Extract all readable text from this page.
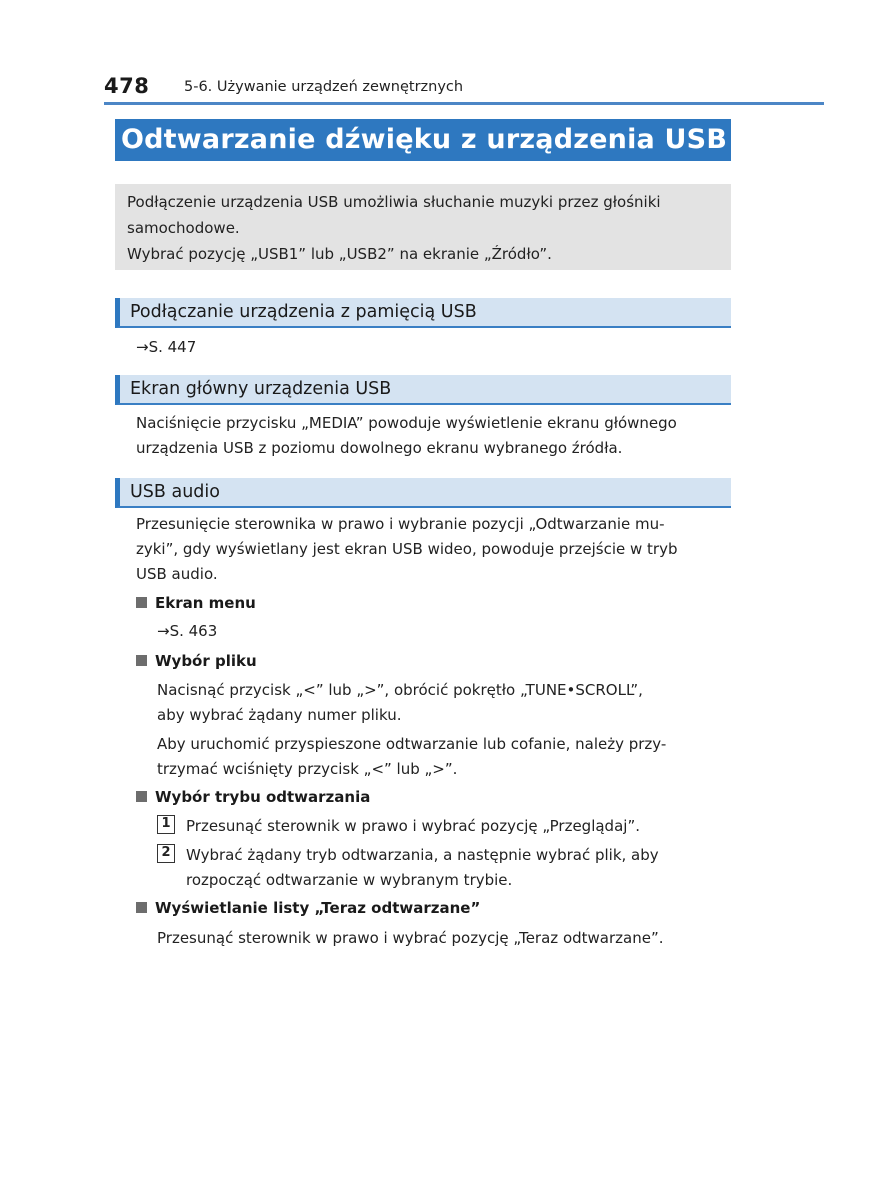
478 5-6. Używanie urządzeń zewnętrznych
Odtwarzanie dźwięku z urządzenia USB

Podłączenie urządzenia USB umożliwia słuchanie muzyki przez głośniki

samochodowe.

Wybrać pozycję „USB1” lub „USB2” na ekranie „Źródło”.

Podłączanie urządzenia z pamięcią USB

→S. 447

Ekran główny urządzenia USB

Naciśnięcie przycisku „MEDIA” powoduje wyświetlenie ekranu głównego

urządzenia USB z poziomu dowolnego ekranu wybranego źródła.

USB audio

Przesunięcie sterownika w prawo i wybranie pozycji „Odtwarzanie mu-

zyki”, gdy wyświetlany jest ekran USB wideo, powoduje przejście w tryb

USB audio.

Ekran menu

→S. 463

Wybór pliku

Nacisnąć przycisk „<” lub „>”, obrócić pokrętło „TUNE•SCROLL”,

aby wybrać żądany numer pliku.

Aby uruchomić przyspieszone odtwarzanie lub cofanie, należy przy-

trzymać wciśnięty przycisk „<” lub „>”.

Wybór trybu odtwarzania
1 Przesunąć sterownik w prawo i wybrać pozycję „Przeglądaj”.
2 Wybrać żądany tryb odtwarzania, a następnie wybrać plik, aby
rozpocząć odtwarzanie w wybranym trybie.
Wyświetlanie listy „Teraz odtwarzane”

Przesunąć sterownik w prawo i wybrać pozycję „Teraz odtwarzane”.
